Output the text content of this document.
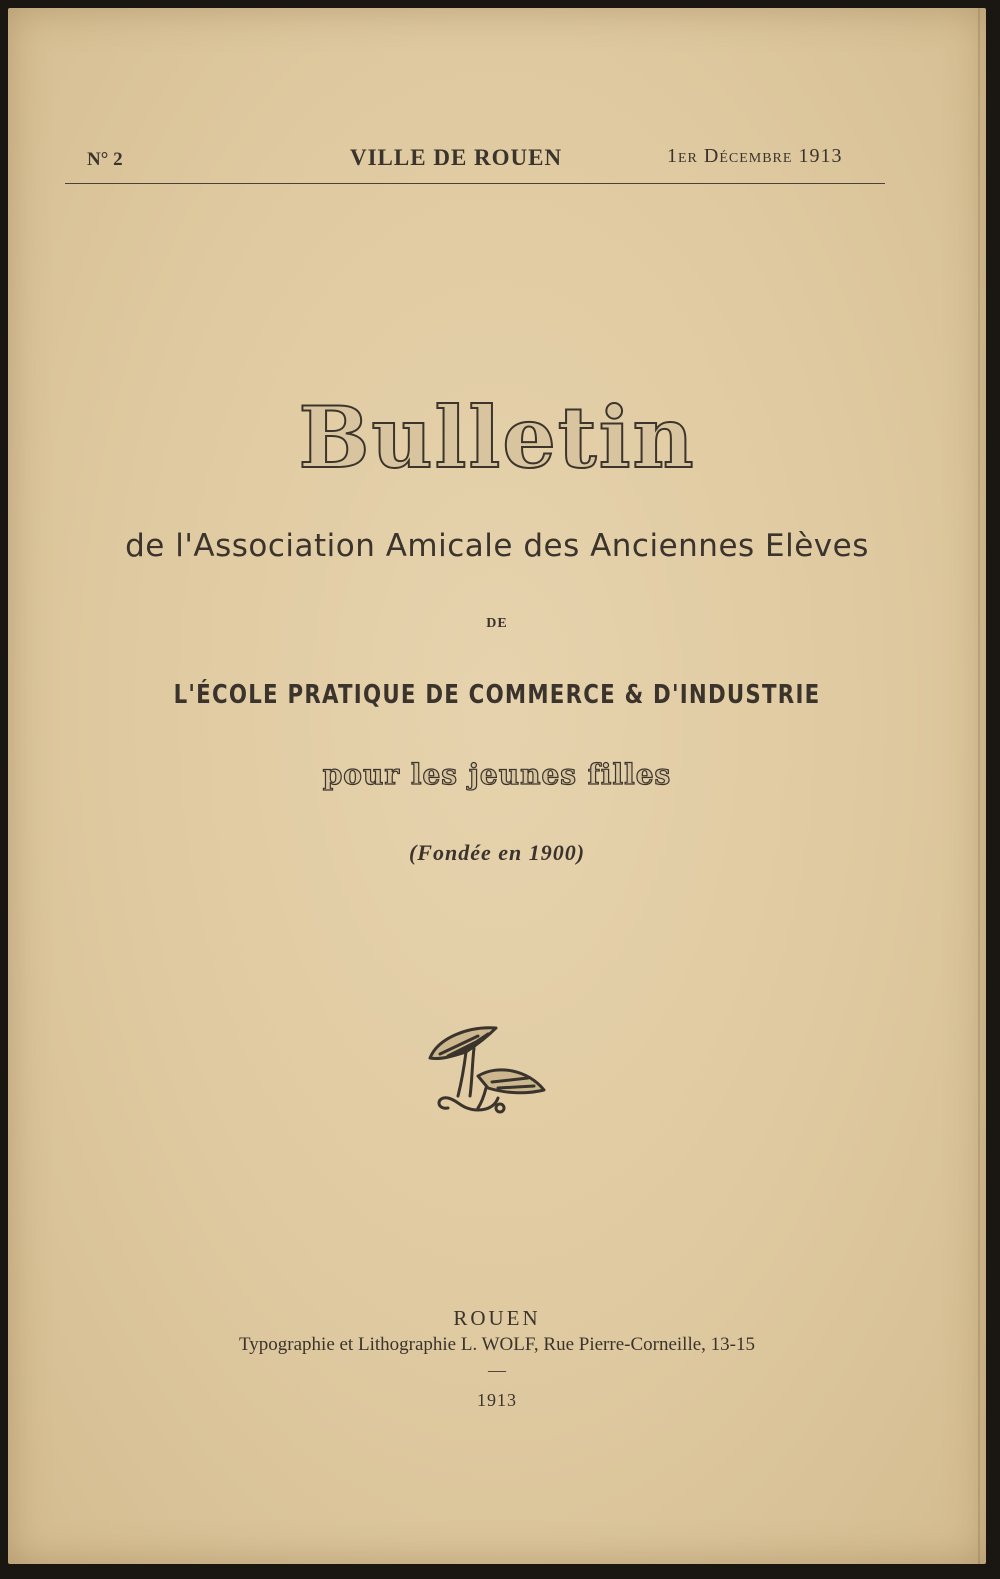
N° 2	VILLE DE ROUEN	1er Décembre 1913
Bulletin
de l'Association Amicale des Anciennes Elèves
DE
L'ÉCOLE PRATIQUE DE COMMERCE & D'INDUSTRIE
pour les jeunes filles
(Fondée en 1900)
ROUEN
Typographie et Lithographie L. WOLF, Rue Pierre-Corneille, 13-15
—
1913
